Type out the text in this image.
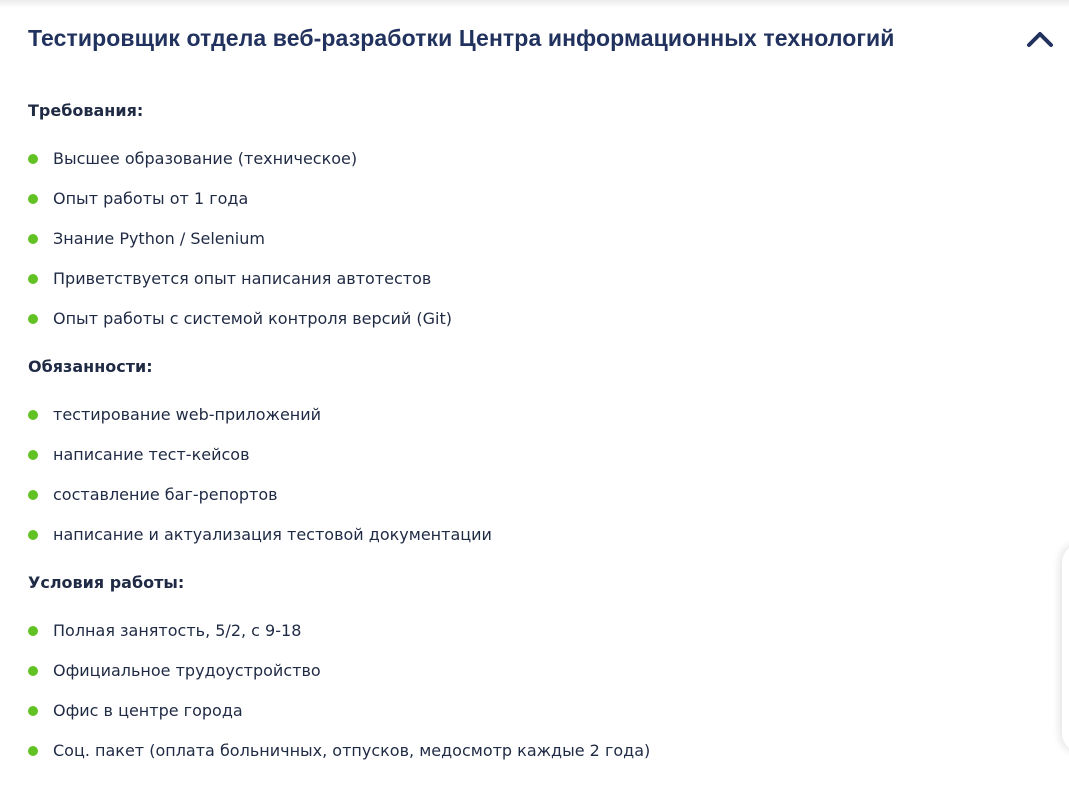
Тестировщик отдела веб-разработки Центра информационных технологий
Требования:
Высшее образование (техническое)
Опыт работы от 1 года
Знание Python / Selenium
Приветствуется опыт написания автотестов
Опыт работы с системой контроля версий (Git)
Обязанности:
тестирование web-приложений
написание тест-кейсов
составление баг-репортов
написание и актуализация тестовой документации
Условия работы:
Полная занятость, 5/2, с 9-18
Официальное трудоустройство
Офис в центре города
Соц. пакет (оплата больничных, отпусков, медосмотр каждые 2 года)
